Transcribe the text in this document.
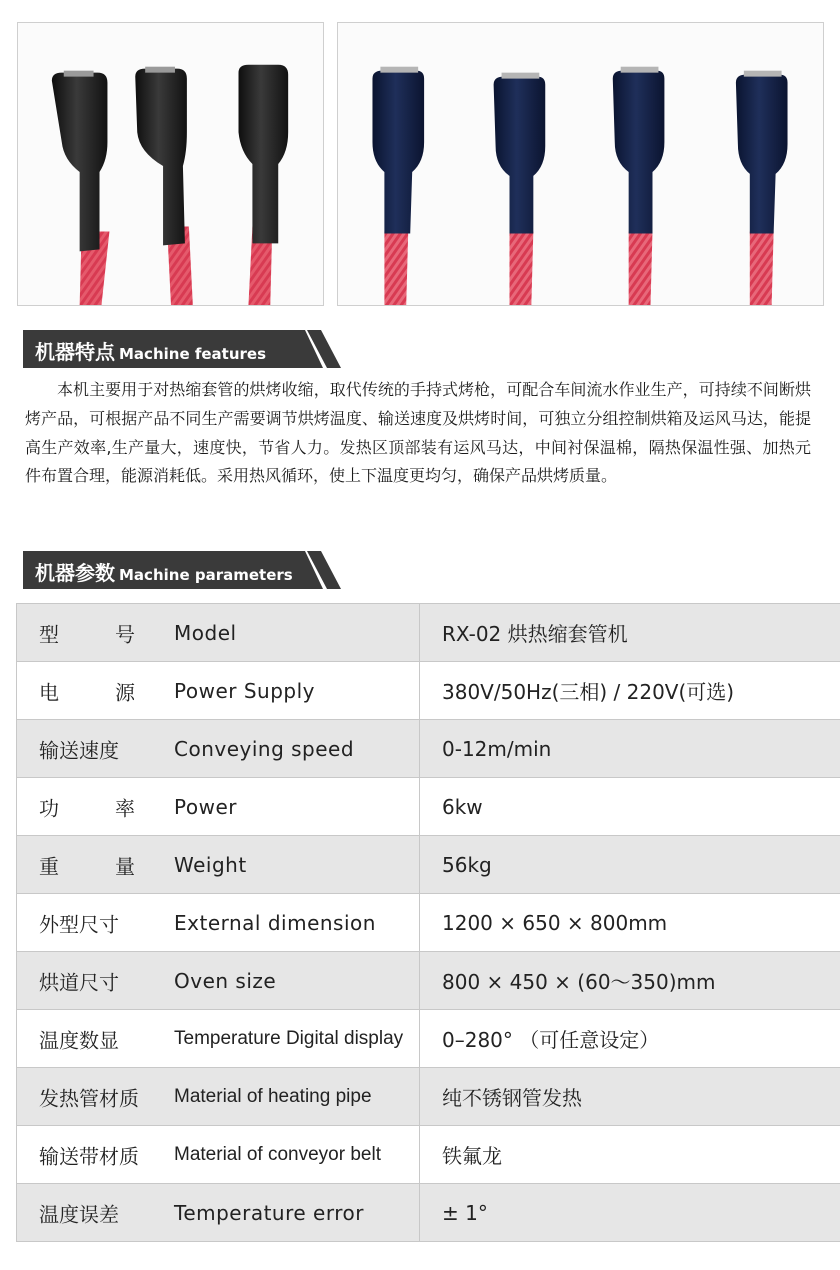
机器特点 Machine features

本机主要用于对热缩套管的烘烤收缩，取代传统的手持式烤枪，可配合车间流水作业生产，可持续不间断烘烤产品，可根据产品不同生产需要调节烘烤温度、输送速度及烘烤时间，可独立分组控制烘箱及运风马达，能提高生产效率,生产量大，速度快，节省人力。发热区顶部装有运风马达，中间衬保温棉，隔热保温性强、加热元 件布置合理，能源消耗低。采用热风循环，使上下温度更均匀，确保产品烘烤质量。

机器参数 Machine parameters
型 号 Model	RX-02 烘热缩套管机

电 源 Power Supply	380V/50Hz(三相) / 220V(可选)

输送速度 Conveying speed	0-12m/min

功 率 Power	6kw

重 量 Weight	56kg

外型尺寸 External dimension	1200 × 650 × 800mm

烘道尺寸 Oven size	800 × 450 × (60～350)mm

温度数显 Temperature Digital display	0–280° （可任意设定）

发热管材质 Material of heating pipe	纯不锈钢管发热

输送带材质 Material of conveyor belt	铁氟龙

温度误差 Temperature error	± 1°
